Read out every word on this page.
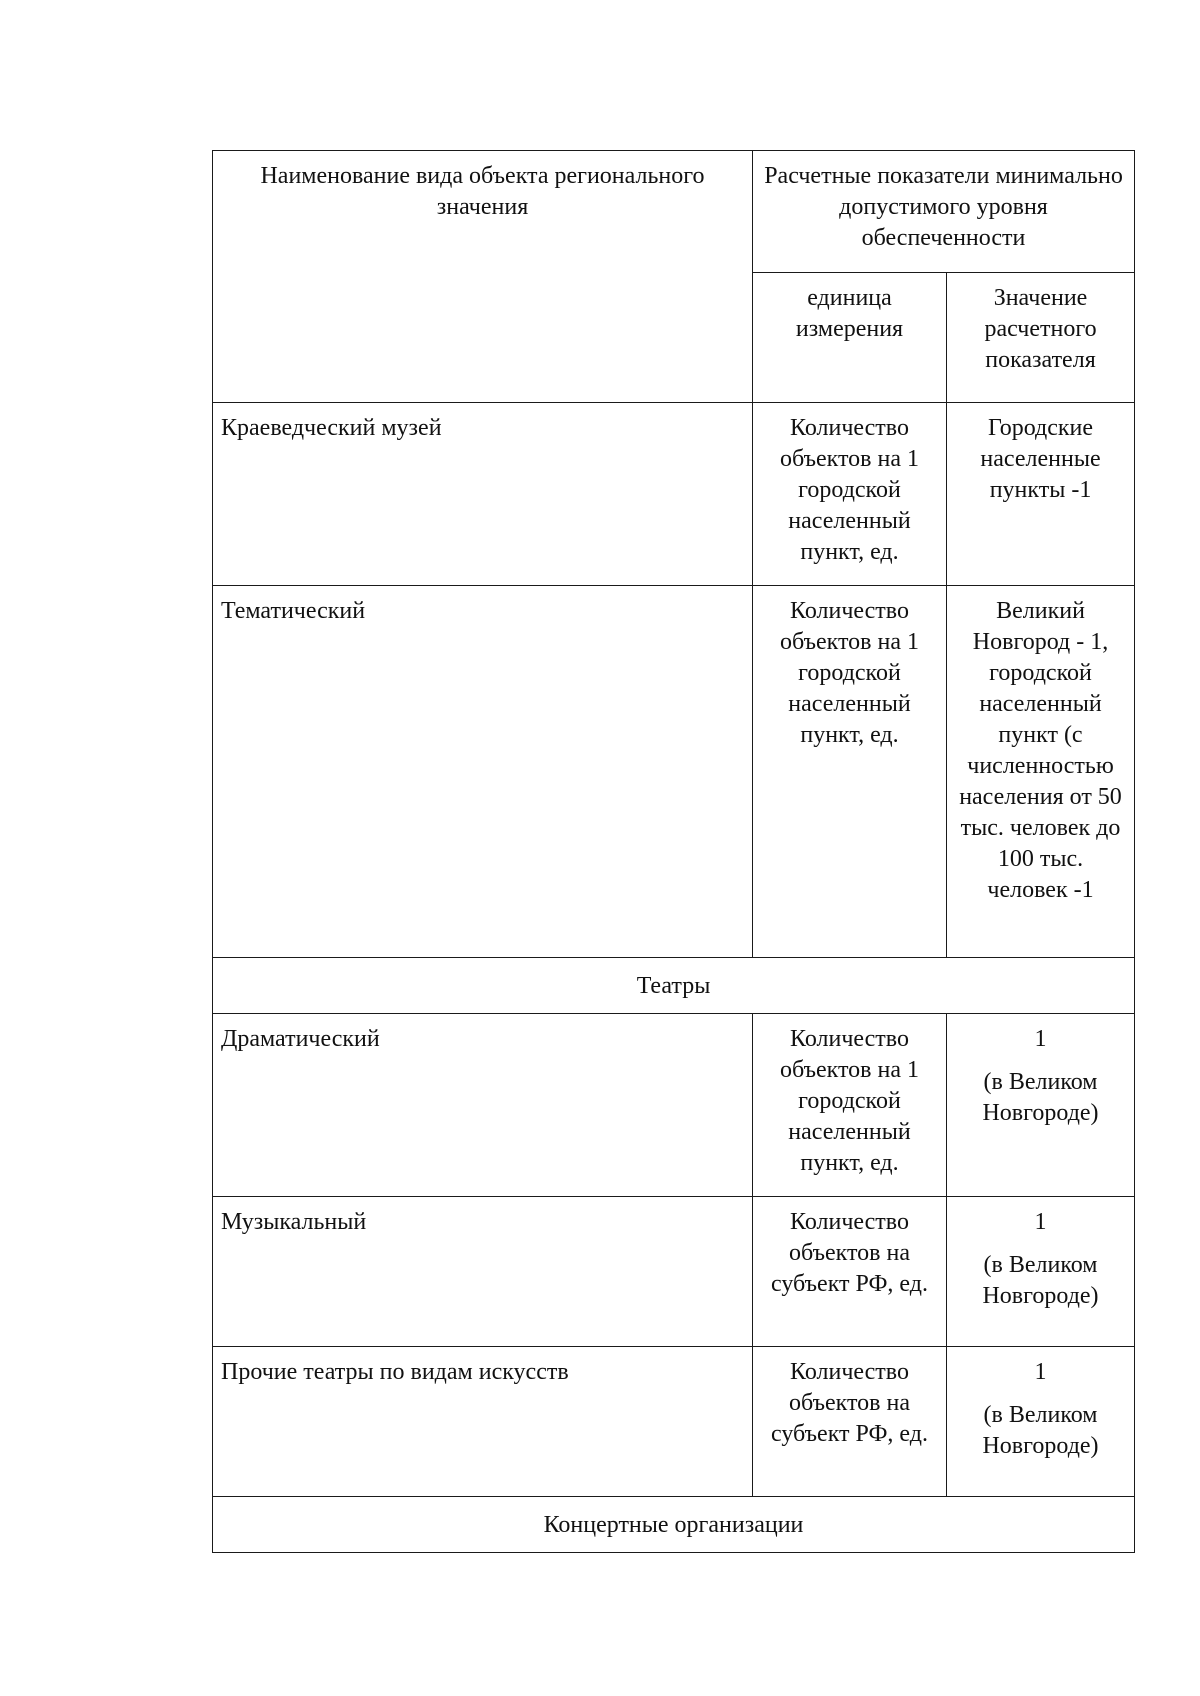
Наименование вида объекта регионального значения	Расчетные показатели минимально допустимого уровня обеспеченности	
	единица измерения	Значение расчетного показателя
Краеведческий музей	Количество объектов на 1 городской населенный пункт, ед.	Городские населенные пункты -1
Тематический	Количество объектов на 1 городской населенный пункт, ед.	Великий Новгород - 1, городской населенный пункт (с численностью населения от 50 тыс. человек до 100 тыс. человек -1
Театры		
Драматический	Количество объектов на 1 городской населенный пункт, ед.	1
(в Великом Новгороде)
Музыкальный	Количество объектов на субъект РФ, ед.	1
(в Великом Новгороде)
Прочие театры по видам искусств	Количество объектов на субъект РФ, ед.	1
(в Великом Новгороде)
Концертные организации		
